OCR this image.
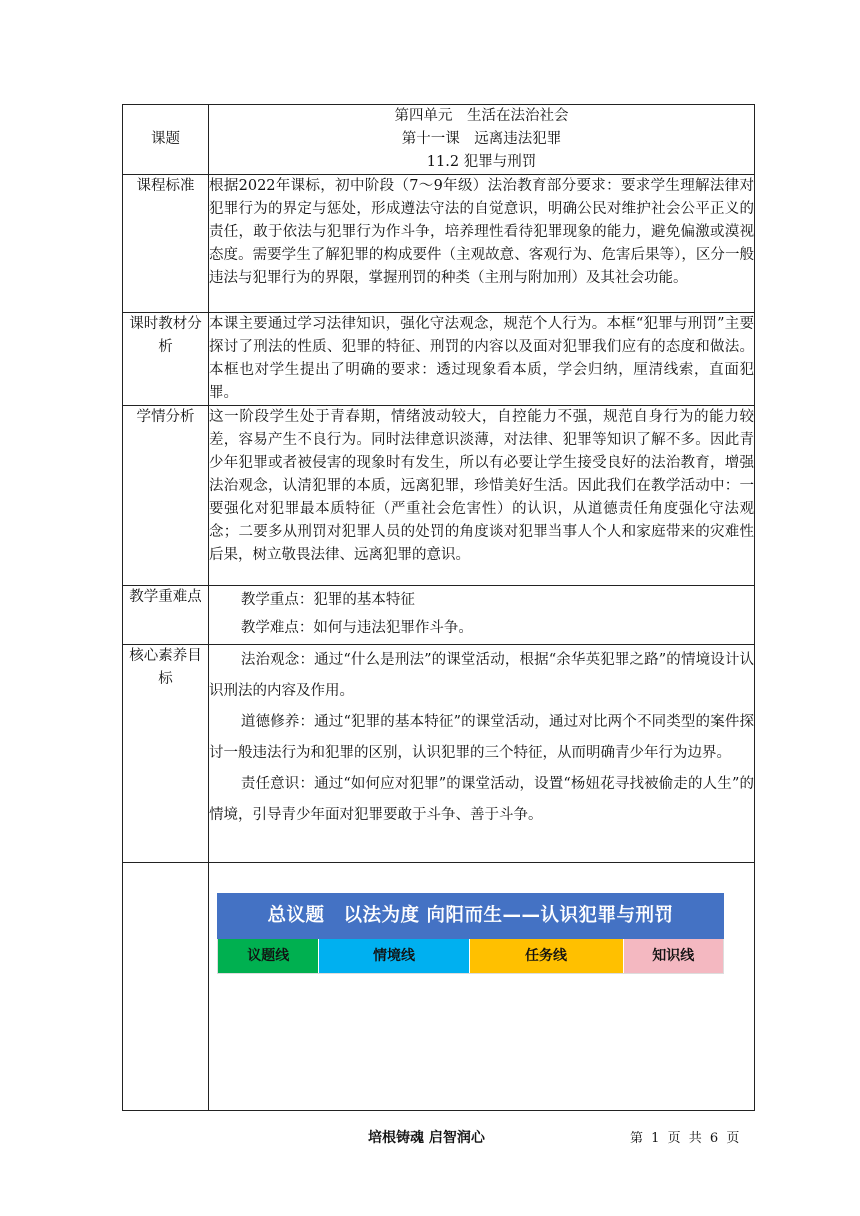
课题	第四单元　生活在法治社会
第十一课　远离违法犯罪
11.2 犯罪与刑罚

课程标准	根据2022年课标，初中阶段（7～9年级）法治教育部分要求：要求学生理解法律对犯罪行为的界定与惩处，形成遵法守法的自觉意识，明确公民对维护社会公平正义的责任，敢于依法与犯罪行为作斗争，培养理性看待犯罪现象的能力，避免偏激或漠视态度。需要学生了解犯罪的构成要件（主观故意、客观行为、危害后果等），区分一般违法与犯罪行为的界限，掌握刑罚的种类（主刑与附加刑）及其社会功能。
课时教材分析	本课主要通过学习法律知识，强化守法观念，规范个人行为。本框“犯罪与刑罚”主要探讨了刑法的性质、犯罪的特征、刑罚的内容以及面对犯罪我们应有的态度和做法。本框也对学生提出了明确的要求：透过现象看本质，学会归纳，厘清线索，直面犯罪。
学情分析	这一阶段学生处于青春期，情绪波动较大，自控能力不强，规范自身行为的能力较差，容易产生不良行为。同时法律意识淡薄，对法律、犯罪等知识了解不多。因此青少年犯罪或者被侵害的现象时有发生，所以有必要让学生接受良好的法治教育，增强法治观念，认清犯罪的本质，远离犯罪，珍惜美好生活。因此我们在教学活动中：一要强化对犯罪最本质特征（严重社会危害性）的认识，从道德责任角度强化守法观念；二要多从刑罚对犯罪人员的处罚的角度谈对犯罪当事人个人和家庭带来的灾难性后果，树立敬畏法律、远离犯罪的意识。
教学重难点	教学重点：犯罪的基本特征
教学难点：如何与违法犯罪作斗争。

核心素养目标	法治观念：通过“什么是刑法”的课堂活动，根据“余华英犯罪之路”的情境设计认识刑法的内容及作用。
道德修养：通过“犯罪的基本特征”的课堂活动，通过对比两个不同类型的案件探讨一般违法行为和犯罪的区别，认识犯罪的三个特征，从而明确青少年行为边界。
责任意识：通过“如何应对犯罪”的课堂活动，设置“杨妞花寻找被偷走的人生”的情境，引导青少年面对犯罪要敢于斗争、善于斗争。

	总议题　以法为度 向阳而生——认识犯罪与刑罚
议题线 情境线 任务线 知识线
培根铸魂 启智润心	第 1 页 共 6 页
